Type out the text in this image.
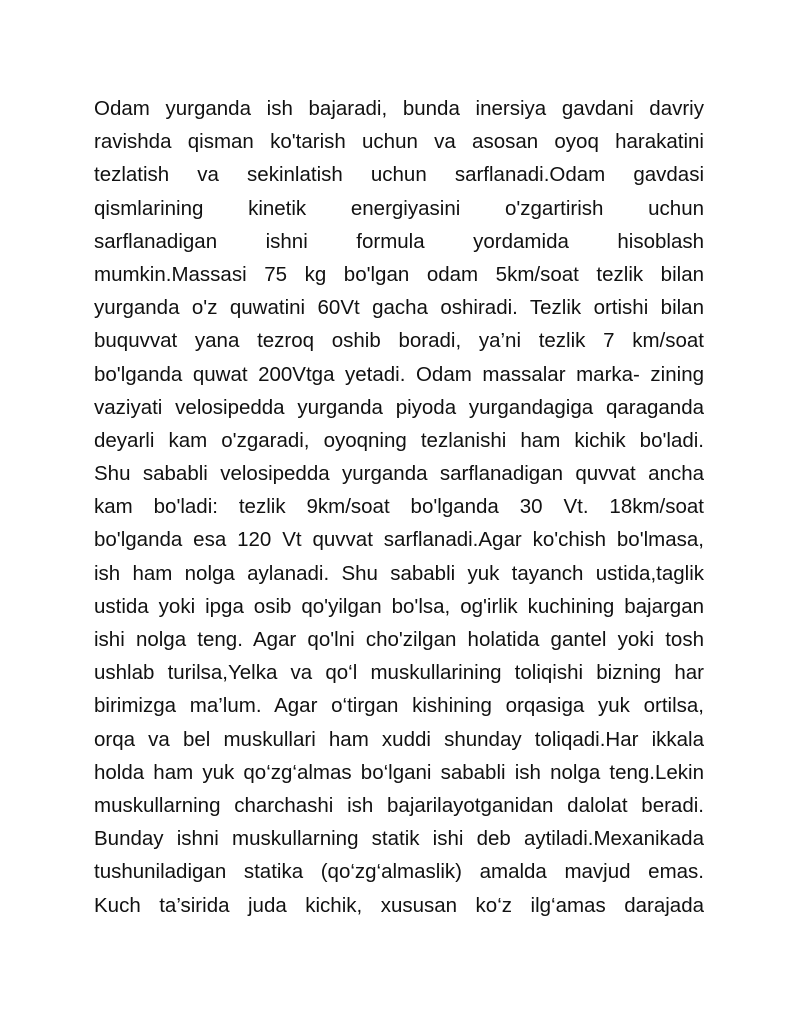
Odam yurganda ish bajaradi, bunda inersiya gavdani davriy
ravishda qisman ko'tarish uchun va asosan oyoq harakatini
tezlatish va sekinlatish uchun sarflanadi.Odam gavdasi
qismlarining kinetik energiyasini o'zgartirish uchun
sarflanadigan ishni formula yordamida hisoblash
mumkin.Massasi 75 kg bo'lgan odam 5km/soat tezlik bilan
yurganda o'z quwatini 60Vt gacha oshiradi. Tezlik ortishi bilan
buquvvat yana tezroq oshib boradi, ya’ni tezlik 7 km/soat
bo'lganda quwat 200Vtga yetadi. Odam massalar marka- zining
vaziyati velosipedda yurganda piyoda yurgandagiga qaraganda
deyarli kam o'zgaradi, oyoqning tezlanishi ham kichik bo'ladi.
Shu sababli velosipedda yurganda sarflanadigan quvvat ancha
kam bo'ladi: tezlik 9km/soat bo'lganda 30 Vt. 18km/soat
bo'lganda esa 120 Vt quvvat sarflanadi.Agar ko'chish bo'lmasa,
ish ham nolga aylanadi. Shu sababli yuk tayanch ustida,taglik
ustida yoki ipga osib qo'yilgan bo'lsa, og'irlik kuchining bajargan
ishi nolga teng. Agar qo'lni cho'zilgan holatida gantel yoki tosh
ushlab turilsa,Yelka va qo‘l muskullarining toliqishi bizning har
birimizga ma’lum. Agar o‘tirgan kishining orqasiga yuk ortilsa,
orqa va bel muskullari ham xuddi shunday toliqadi.Har ikkala
holda ham yuk qo‘zg‘almas bo‘lgani sababli ish nolga teng.Lekin
muskullarning charchashi ish bajarilayotganidan dalolat beradi.
Bunday ishni muskullarning statik ishi deb aytiladi.Mexanikada
tushuniladigan statika (qo‘zg‘almaslik) amalda mavjud emas.
Kuch ta’sirida juda kichik, xususan ko‘z ilg‘amas darajada
